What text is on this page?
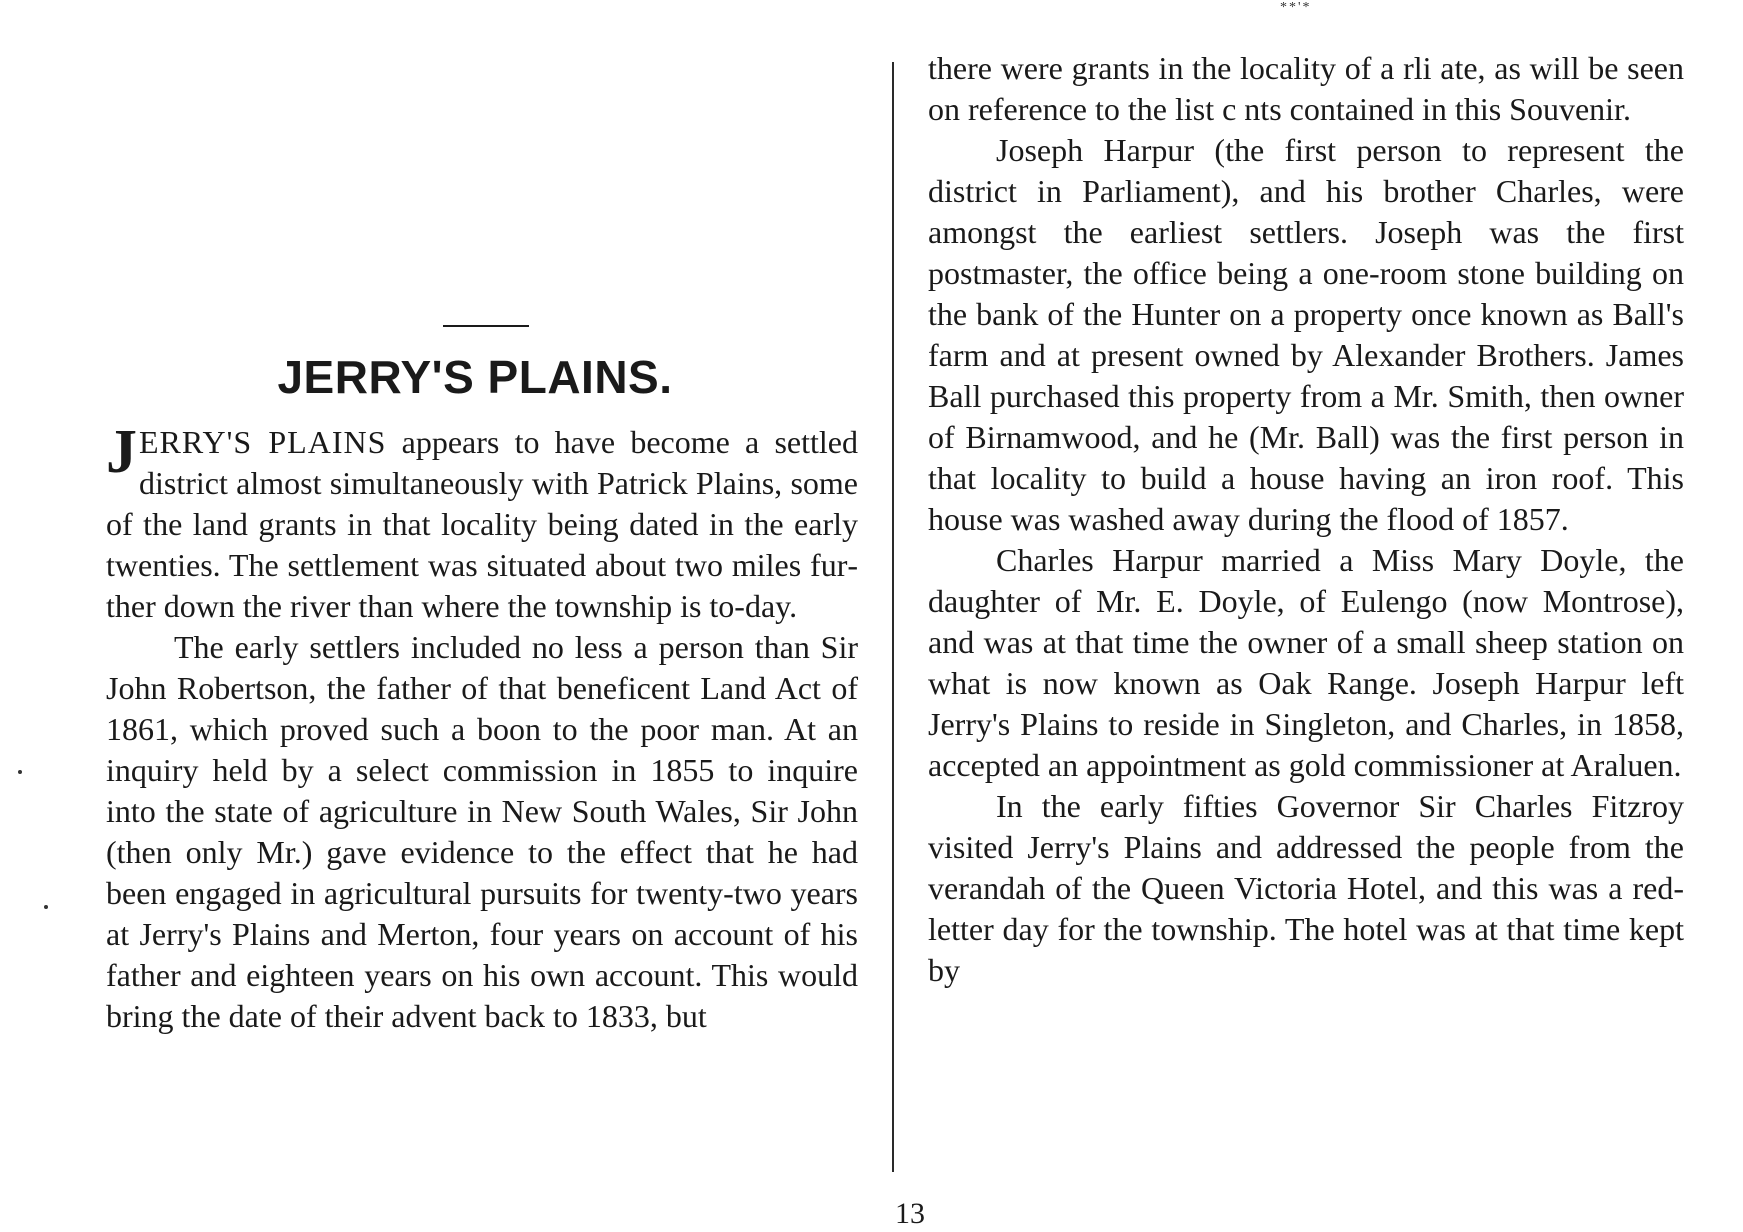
**'*
JERRY'S PLAINS.

JERRY'S PLAINS appears to have become a settled district almost simultaneously with Patrick Plains, some of the land grants in that locality being dated in the early twenties. The settlement was situated about two miles further down the river than where the township is to-day.

The early settlers included no less a person than Sir John Robertson, the father of that beneficent Land Act of 1861, which proved such a boon to the poor man. At an inquiry held by a select commission in 1855 to inquire into the state of agriculture in New South Wales, Sir John (then only Mr.) gave evidence to the effect that he had been engaged in agricultural pursuits for twenty-two years at Jerry's Plains and Merton, four years on account of his father and eighteen years on his own account. This would bring the date of their advent back to 1833, but

there were grants in the locality of a rli ate, as will be seen on reference to the list c nts contained in this Souvenir.

Joseph Harpur (the first person to represent the district in Parliament), and his brother Charles, were amongst the earliest settlers. Joseph was the first postmaster, the office being a one-room stone building on the bank of the Hunter on a property once known as Ball's farm and at present owned by Alexander Brothers. James Ball purchased this property from a Mr. Smith, then owner of Birnamwood, and he (Mr. Ball) was the first person in that locality to build a house having an iron roof. This house was washed away during the flood of 1857.

Charles Harpur married a Miss Mary Doyle, the daughter of Mr. E. Doyle, of Eulengo (now Montrose), and was at that time the owner of a small sheep station on what is now known as Oak Range. Joseph Harpur left Jerry's Plains to reside in Singleton, and Charles, in 1858, accepted an appointment as gold commissioner at Araluen.

In the early fifties Governor Sir Charles Fitzroy visited Jerry's Plains and addressed the people from the verandah of the Queen Victoria Hotel, and this was a red-letter day for the township. The hotel was at that time kept by

13
